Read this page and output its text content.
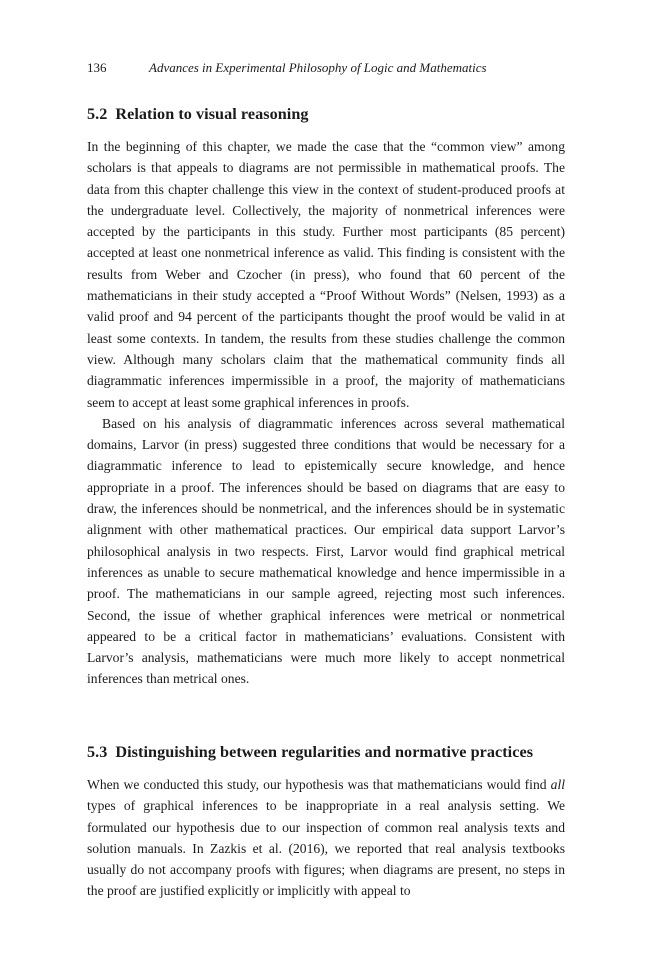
136	Advances in Experimental Philosophy of Logic and Mathematics
5.2 Relation to visual reasoning

In the beginning of this chapter, we made the case that the “common view” among scholars is that appeals to diagrams are not permissible in mathematical proofs. The data from this chapter challenge this view in the context of student-produced proofs at the undergraduate level. Collectively, the majority of nonmetrical inferences were accepted by the participants in this study. Further most participants (85 percent) accepted at least one nonmetrical inference as valid. This finding is consistent with the results from Weber and Czocher (in press), who found that 60 percent of the mathematicians in their study accepted a “Proof Without Words” (Nelsen, 1993) as a valid proof and 94 percent of the participants thought the proof would be valid in at least some contexts. In tandem, the results from these studies challenge the common view. Although many scholars claim that the mathematical community finds all diagrammatic inferences impermissible in a proof, the majority of mathematicians seem to accept at least some graphical inferences in proofs.

Based on his analysis of diagrammatic inferences across several mathematical domains, Larvor (in press) suggested three conditions that would be necessary for a diagrammatic inference to lead to epistemically secure knowledge, and hence appropriate in a proof. The inferences should be based on diagrams that are easy to draw, the inferences should be nonmetrical, and the inferences should be in systematic alignment with other mathematical practices. Our empirical data support Larvor’s philosophical analysis in two respects. First, Larvor would find graphical metrical inferences as unable to secure mathematical knowledge and hence impermissible in a proof. The mathematicians in our sample agreed, rejecting most such inferences. Second, the issue of whether graphical inferences were metrical or nonmetrical appeared to be a critical factor in mathematicians’ evaluations. Consistent with Larvor’s analysis, mathematicians were much more likely to accept nonmetrical inferences than metrical ones.

5.3 Distinguishing between regularities and normative practices

When we conducted this study, our hypothesis was that mathematicians would find all types of graphical inferences to be inappropriate in a real analysis setting. We formulated our hypothesis due to our inspection of common real analysis texts and solution manuals. In Zazkis et al. (2016), we reported that real analysis textbooks usually do not accompany proofs with figures; when diagrams are present, no steps in the proof are justified explicitly or implicitly with appeal to
